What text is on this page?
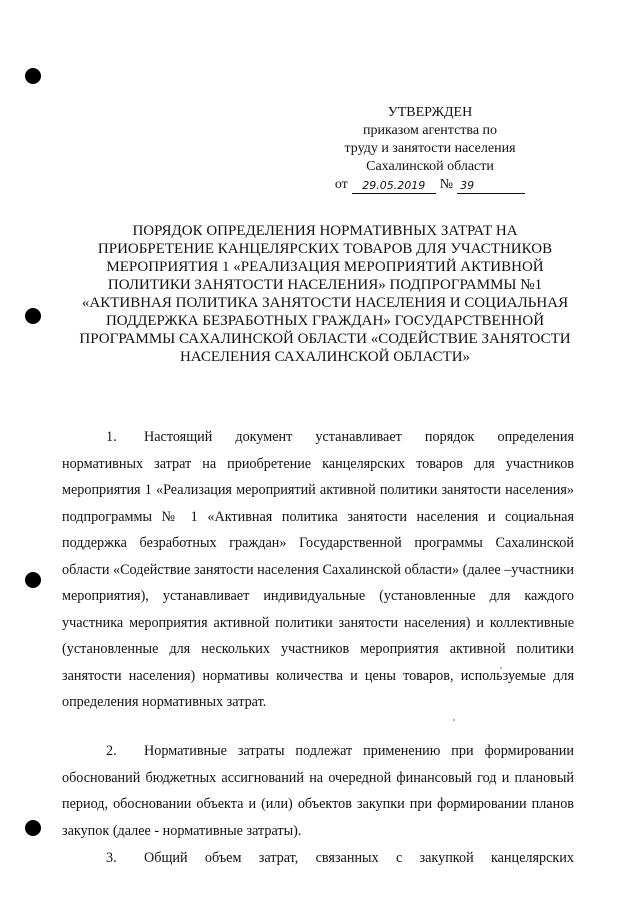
УТВЕРЖДЕН
приказом агентства по
труду и занятости населения
Сахалинской области
от	29.05.2019	№ 39
ПОРЯДОК ОПРЕДЕЛЕНИЯ НОРМАТИВНЫХ ЗАТРАТ НА
ПРИОБРЕТЕНИЕ КАНЦЕЛЯРСКИХ ТОВАРОВ ДЛЯ УЧАСТНИКОВ
МЕРОПРИЯТИЯ 1 «РЕАЛИЗАЦИЯ МЕРОПРИЯТИЙ АКТИВНОЙ
ПОЛИТИКИ ЗАНЯТОСТИ НАСЕЛЕНИЯ» ПОДПРОГРАММЫ №1
«АКТИВНАЯ ПОЛИТИКА ЗАНЯТОСТИ НАСЕЛЕНИЯ И СОЦИАЛЬНАЯ
ПОДДЕРЖКА БЕЗРАБОТНЫХ ГРАЖДАН» ГОСУДАРСТВЕННОЙ
ПРОГРАММЫ САХАЛИНСКОЙ ОБЛАСТИ «СОДЕЙСТВИЕ ЗАНЯТОСТИ
НАСЕЛЕНИЯ САХАЛИНСКОЙ ОБЛАСТИ»

1. Настоящий документ устанавливает порядок определения нормативных затрат на приобретение канцелярских товаров для участников мероприятия 1 «Реализация мероприятий активной политики занятости населения» подпрограммы № 1 «Активная политика занятости населения и социальная поддержка безработных граждан» Государственной программы Сахалинской области «Содействие занятости населения Сахалинской области» (далее –участники мероприятия), устанавливает индивидуальные (установленные для каждого участника мероприятия активной политики занятости населения) и коллективные (установленные для нескольких участников мероприятия активной политики занятости населения) нормативы количества и цены товаров, используемые для определения нормативных затрат.

2. Нормативные затраты подлежат применению при формировании обоснований бюджетных ассигнований на очередной финансовый год и плановый период, обосновании объекта и (или) объектов закупки при формировании планов закупок (далее - нормативные затраты).

3. Общий объем затрат, связанных с закупкой канцелярских
